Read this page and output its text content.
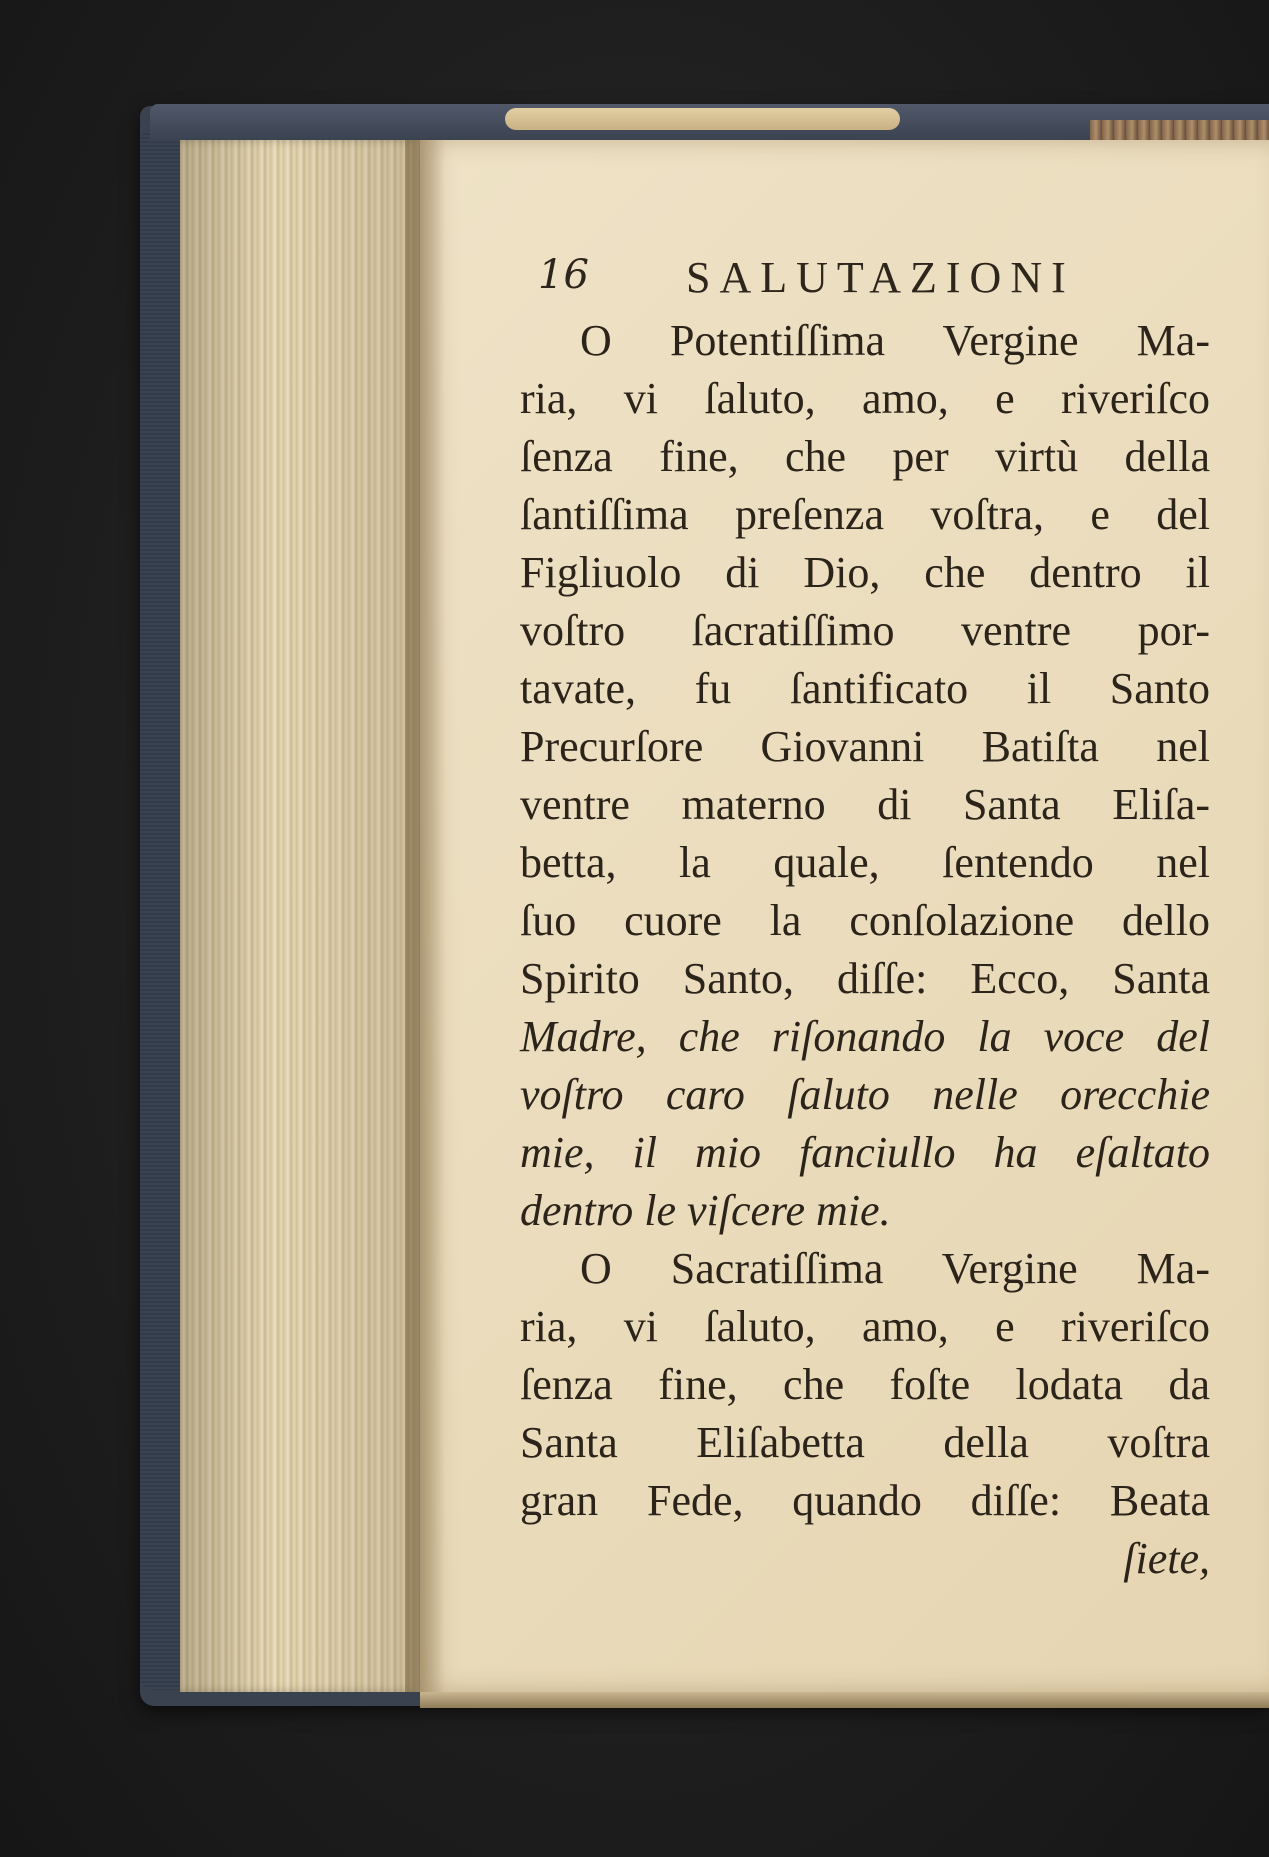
16 SALUTAZIONI
O Potentiſſima Vergine Ma-
ria, vi ſaluto, amo, e riveriſco
ſenza fine, che per virtù della
ſantiſſima preſenza voſtra, e del
Figliuolo di Dio, che dentro il
voſtro ſacratiſſimo ventre por-
tavate, fu ſantificato il Santo
Precurſore Giovanni Batiſta nel
ventre materno di Santa Eliſa-
betta, la quale, ſentendo nel
ſuo cuore la conſolazione dello
Spirito Santo, diſſe: Ecco, Santa
Madre, che riſonando la voce del
voſtro caro ſaluto nelle orecchie
mie, il mio fanciullo ha eſaltato
dentro le viſcere mie.
O Sacratiſſima Vergine Ma-
ria, vi ſaluto, amo, e riveriſco
ſenza fine, che foſte lodata da
Santa Eliſabetta della voſtra
gran Fede, quando diſſe: Beata
ſiete,
